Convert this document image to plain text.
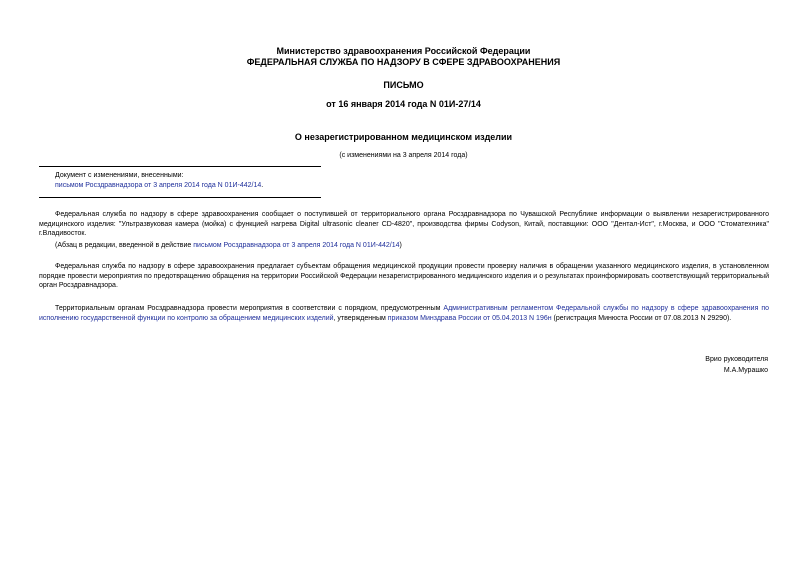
Министерство здравоохранения Российской Федерации
ФЕДЕРАЛЬНАЯ СЛУЖБА ПО НАДЗОРУ В СФЕРЕ ЗДРАВООХРАНЕНИЯ
ПИСЬМО
от 16 января 2014 года N 01И-27/14
О незарегистрированном медицинском изделии
(с изменениями на 3 апреля 2014 года)
Документ с изменениями, внесенными:
письмом Росздравнадзора от 3 апреля 2014 года N 01И-442/14.
Федеральная служба по надзору в сфере здравоохранения сообщает о поступившей от территориального органа Росздравнадзора по Чувашской Республике информации о выявлении незарегистрированного медицинского изделия: "Ультразвуковая камера (мойка) с функцией нагрева Digital ultrasonic cleaner CD-4820", производства фирмы Codyson, Китай, поставщики: ООО "Дентал-Ист", г.Москва, и ООО "Стоматехника" г.Владивосток.
(Абзац в редакции, введенной в действие письмом Росздравнадзора от 3 апреля 2014 года N 01И-442/14)
Федеральная служба по надзору в сфере здравоохранения предлагает субъектам обращения медицинской продукции провести проверку наличия в обращении указанного медицинского изделия, в установленном порядке провести мероприятия по предотвращению обращения на территории Российской Федерации незарегистрированного медицинского изделия и о результатах проинформировать соответствующий территориальный орган Росздравнадзора.
Территориальным органам Росздравнадзора провести мероприятия в соответствии с порядком, предусмотренным Административным регламентом Федеральной службы по надзору в сфере здравоохранения по исполнению государственной функции по контролю за обращением медицинских изделий, утвержденным приказом Минздрава России от 05.04.2013 N 196н (регистрация Минюста России от 07.08.2013 N 29290).
Врио руководителя
М.А.Мурашко
